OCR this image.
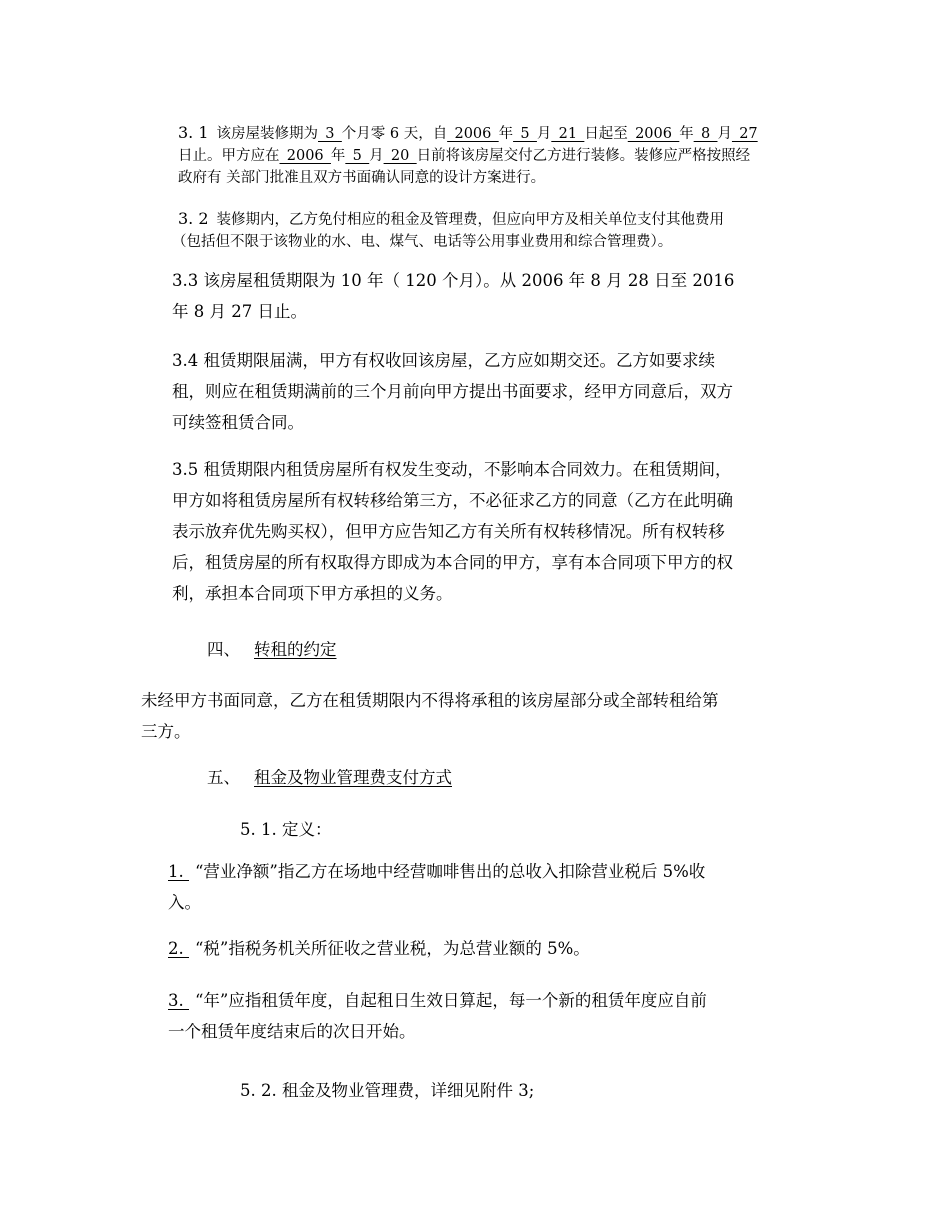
3. 1 该房屋装修期为_3_个月零 6 天，自_2006_年_5_月_21_日起至_2006_年_8_月_27
日止。甲方应在_2006_年_5_月_20_日前将该房屋交付乙方进行装修。装修应严格按照经
政府有 关部门批准且双方书面确认同意的设计方案进行。
3. 2 装修期内，乙方免付相应的租金及管理费，但应向甲方及相关单位支付其他费用
（包括但不限于该物业的水、电、煤气、电话等公用事业费用和综合管理费）。
3.3 该房屋租赁期限为 10 年（ 120 个月）。从 2006 年 8 月 28 日至 2016
年 8 月 27 日止。
3.4 租赁期限届满，甲方有权收回该房屋，乙方应如期交还。乙方如要求续
租，则应在租赁期满前的三个月前向甲方提出书面要求，经甲方同意后，双方
可续签租赁合同。
3.5 租赁期限内租赁房屋所有权发生变动，不影响本合同效力。在租赁期间，
甲方如将租赁房屋所有权转移给第三方，不必征求乙方的同意（乙方在此明确
表示放弃优先购买权），但甲方应告知乙方有关所有权转移情况。所有权转移
后，租赁房屋的所有权取得方即成为本合同的甲方，享有本合同项下甲方的权
利，承担本合同项下甲方承担的义务。
四、 转租的约定
未经甲方书面同意，乙方在租赁期限内不得将承租的该房屋部分或全部转租给第
三方。
五、 租金及物业管理费支付方式
5. 1. 定义：
1. “营业净额”指乙方在场地中经营咖啡售出的总收入扣除营业税后 5%收
入。
2. “税”指税务机关所征收之营业税，为总营业额的 5%。
3. “年”应指租赁年度，自起租日生效日算起，每一个新的租赁年度应自前
一个租赁年度结束后的次日开始。
5. 2. 租金及物业管理费，详细见附件 3;
